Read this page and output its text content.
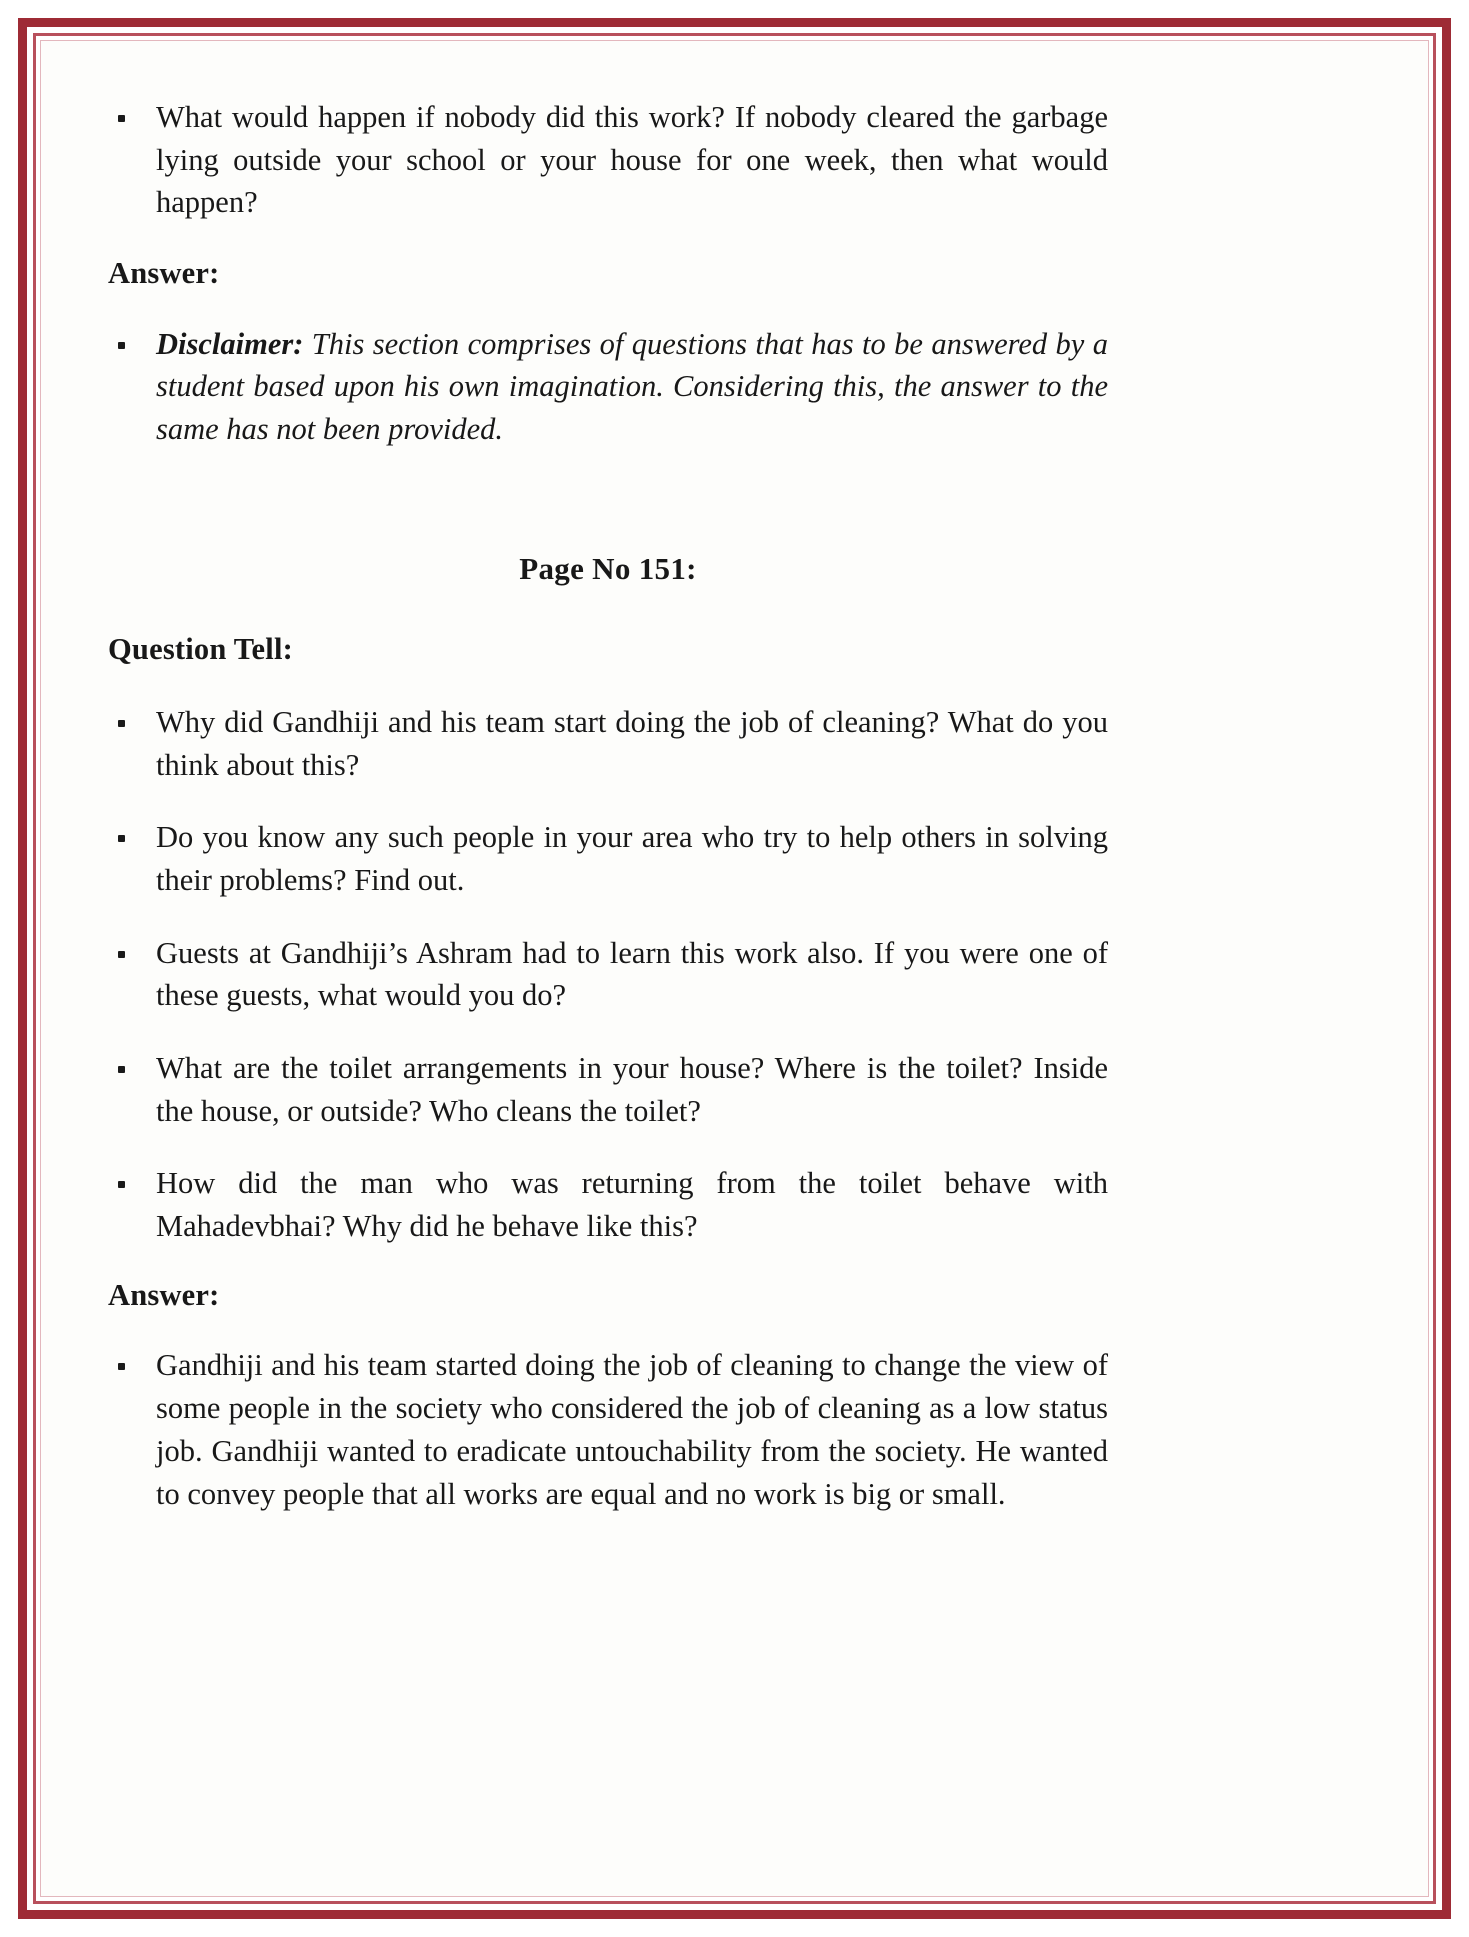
What would happen if nobody did this work? If nobody cleared the garbage lying outside your school or your house for one week, then what would happen?

Answer:

Disclaimer: This section comprises of questions that has to be answered by a student based upon his own imagination. Considering this, the answer to the same has not been provided.

Page No 151:

Question Tell:

Why did Gandhiji and his team start doing the job of cleaning? What do you think about this?
Do you know any such people in your area who try to help others in solving their problems? Find out.
Guests at Gandhiji’s Ashram had to learn this work also. If you were one of these guests, what would you do?
What are the toilet arrangements in your house? Where is the toilet? Inside the house, or outside? Who cleans the toilet?
How did the man who was returning from the toilet behave with Mahadevbhai? Why did he behave like this?

Answer:

Gandhiji and his team started doing the job of cleaning to change the view of some people in the society who considered the job of cleaning as a low status job. Gandhiji wanted to eradicate untouchability from the society. He wanted to convey people that all works are equal and no work is big or small.
